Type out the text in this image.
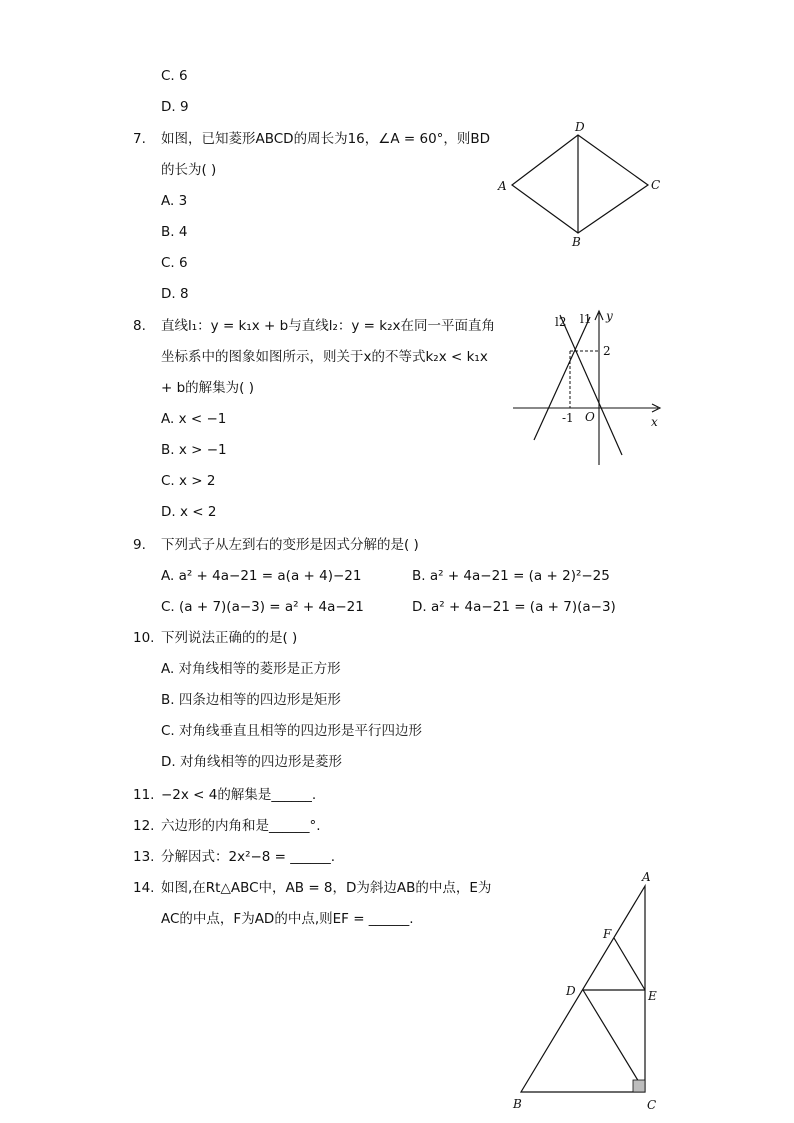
C. 6
D. 9
7. 如图，已知菱形ABCD的周长为16，∠A = 60°，则BD
的长为( )
A. 3
B. 4
C. 6
D. 8
D
A	C
B
8. 直线l₁：y = k₁x + b与直线l₂：y = k₂x在同一平面直角
坐标系中的图象如图所示，则关于x的不等式k₂x < k₁x
+ b的解集为( )
A. x < −1
B. x > −1
C. x > 2
D. x < 2
l2 l1 y
2
-1 O	x
9. 下列式子从左到右的变形是因式分解的是( )
A. a² + 4a−21 = a(a + 4)−21	B. a² + 4a−21 = (a + 2)²−25
C. (a + 7)(a−3) = a² + 4a−21	D. a² + 4a−21 = (a + 7)(a−3)
10. 下列说法正确的的是( )
A. 对角线相等的菱形是正方形
B. 四条边相等的四边形是矩形
C. 对角线垂直且相等的四边形是平行四边形
D. 对角线相等的四边形是菱形
11. −2x < 4的解集是______.
12. 六边形的内角和是______°.
13. 分解因式：2x²−8 = ______.
14. 如图,在Rt△ABC中，AB = 8，D为斜边AB的中点，E为
AC的中点，F为AD的中点,则EF = ______.
A
F
D	E
B	C
